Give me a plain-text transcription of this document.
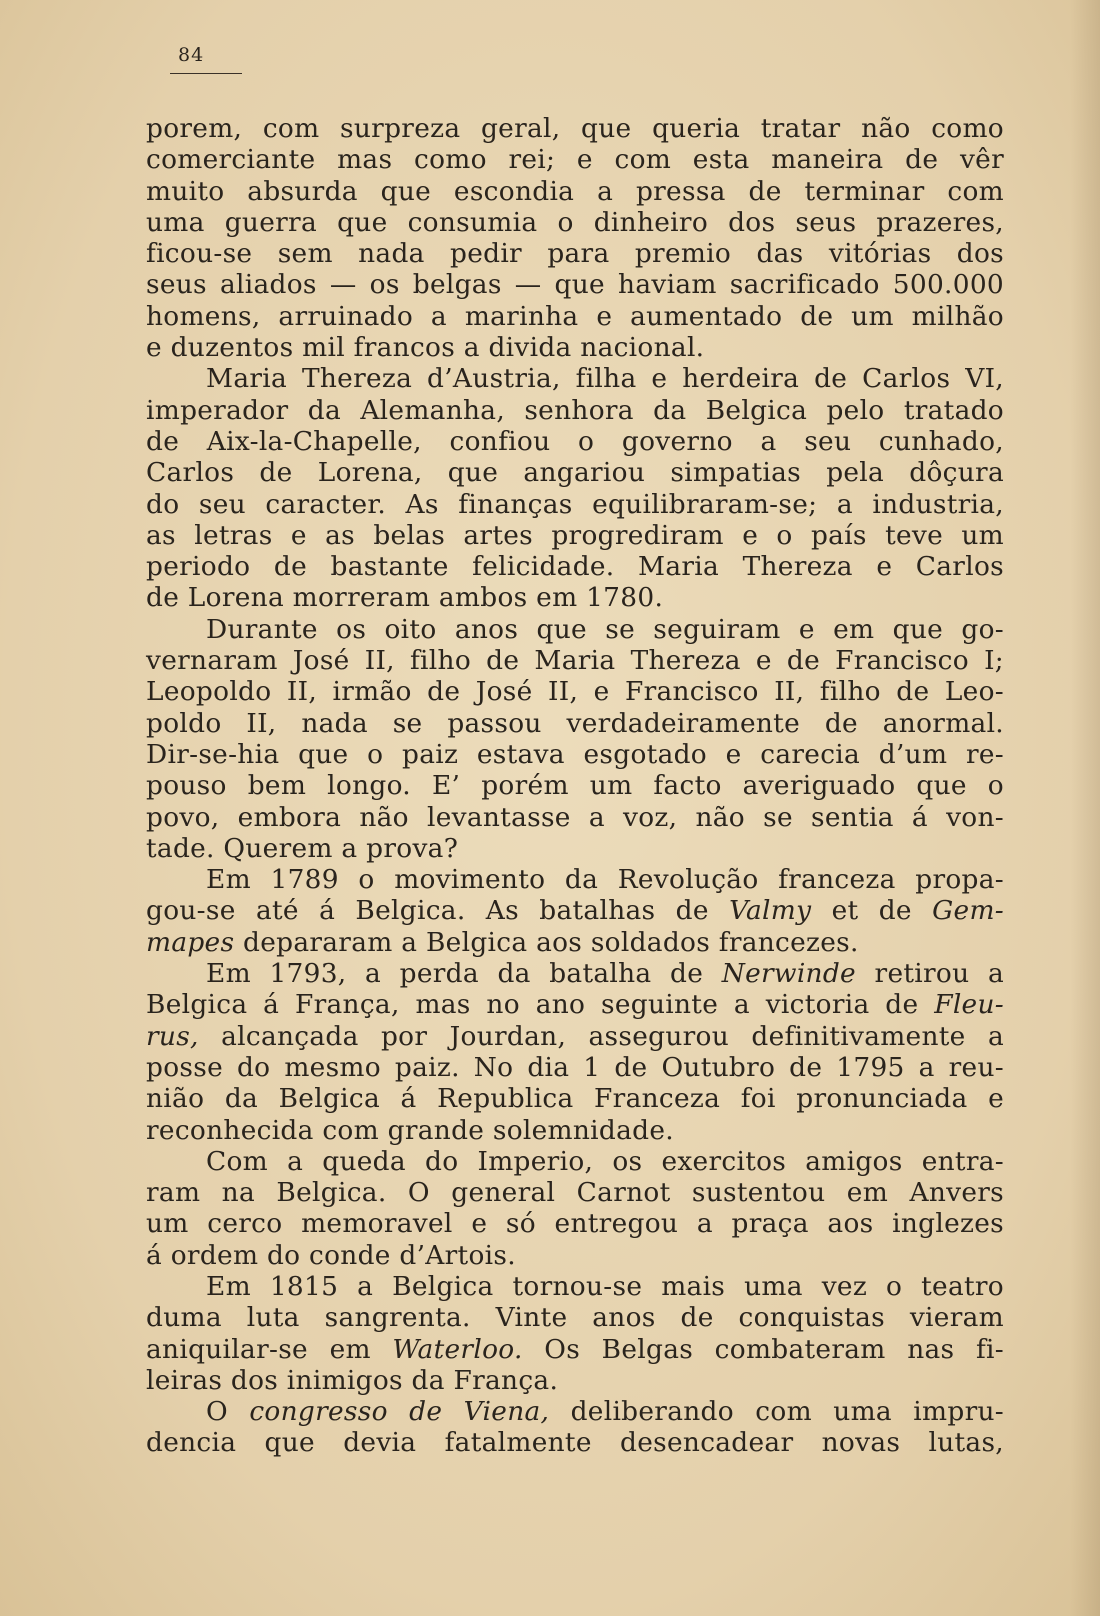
84
porem, com surpreza geral, que queria tratar não como
comerciante mas como rei; e com esta maneira de vêr
muito absurda que escondia a pressa de terminar com
uma guerra que consumia o dinheiro dos seus prazeres,
ficou-se sem nada pedir para premio das vitórias dos
seus aliados — os belgas — que haviam sacrificado 500.000
homens, arruinado a marinha e aumentado de um milhão
e duzentos mil francos a divida nacional.
Maria Thereza d’Austria, filha e herdeira de Carlos VI,
imperador da Alemanha, senhora da Belgica pelo tratado
de Aix-la-Chapelle, confiou o governo a seu cunhado,
Carlos de Lorena, que angariou simpatias pela dôçura
do seu caracter. As finanças equilibraram-se; a industria,
as letras e as belas artes progrediram e o país teve um
periodo de bastante felicidade. Maria Thereza e Carlos
de Lorena morreram ambos em 1780.
Durante os oito anos que se seguiram e em que go-
vernaram José II, filho de Maria Thereza e de Francisco I;
Leopoldo II, irmão de José II, e Francisco II, filho de Leo-
poldo II, nada se passou verdadeiramente de anormal.
Dir-se-hia que o paiz estava esgotado e carecia d’um re-
pouso bem longo. E’ porém um facto averiguado que o
povo, embora não levantasse a voz, não se sentia á von-
tade. Querem a prova?
Em 1789 o movimento da Revolução franceza propa-
gou-se até á Belgica. As batalhas de Valmy et de Gem-
mapes depararam a Belgica aos soldados francezes.
Em 1793, a perda da batalha de Nerwinde retirou a
Belgica á França, mas no ano seguinte a victoria de Fleu-
rus, alcançada por Jourdan, assegurou definitivamente a
posse do mesmo paiz. No dia 1 de Outubro de 1795 a reu-
nião da Belgica á Republica Franceza foi pronunciada e
reconhecida com grande solemnidade.
Com a queda do Imperio, os exercitos amigos entra-
ram na Belgica. O general Carnot sustentou em Anvers
um cerco memoravel e só entregou a praça aos inglezes
á ordem do conde d’Artois.
Em 1815 a Belgica tornou-se mais uma vez o teatro
duma luta sangrenta. Vinte anos de conquistas vieram
aniquilar-se em Waterloo. Os Belgas combateram nas fi-
leiras dos inimigos da França.
O congresso de Viena, deliberando com uma impru-
dencia que devia fatalmente desencadear novas lutas,
